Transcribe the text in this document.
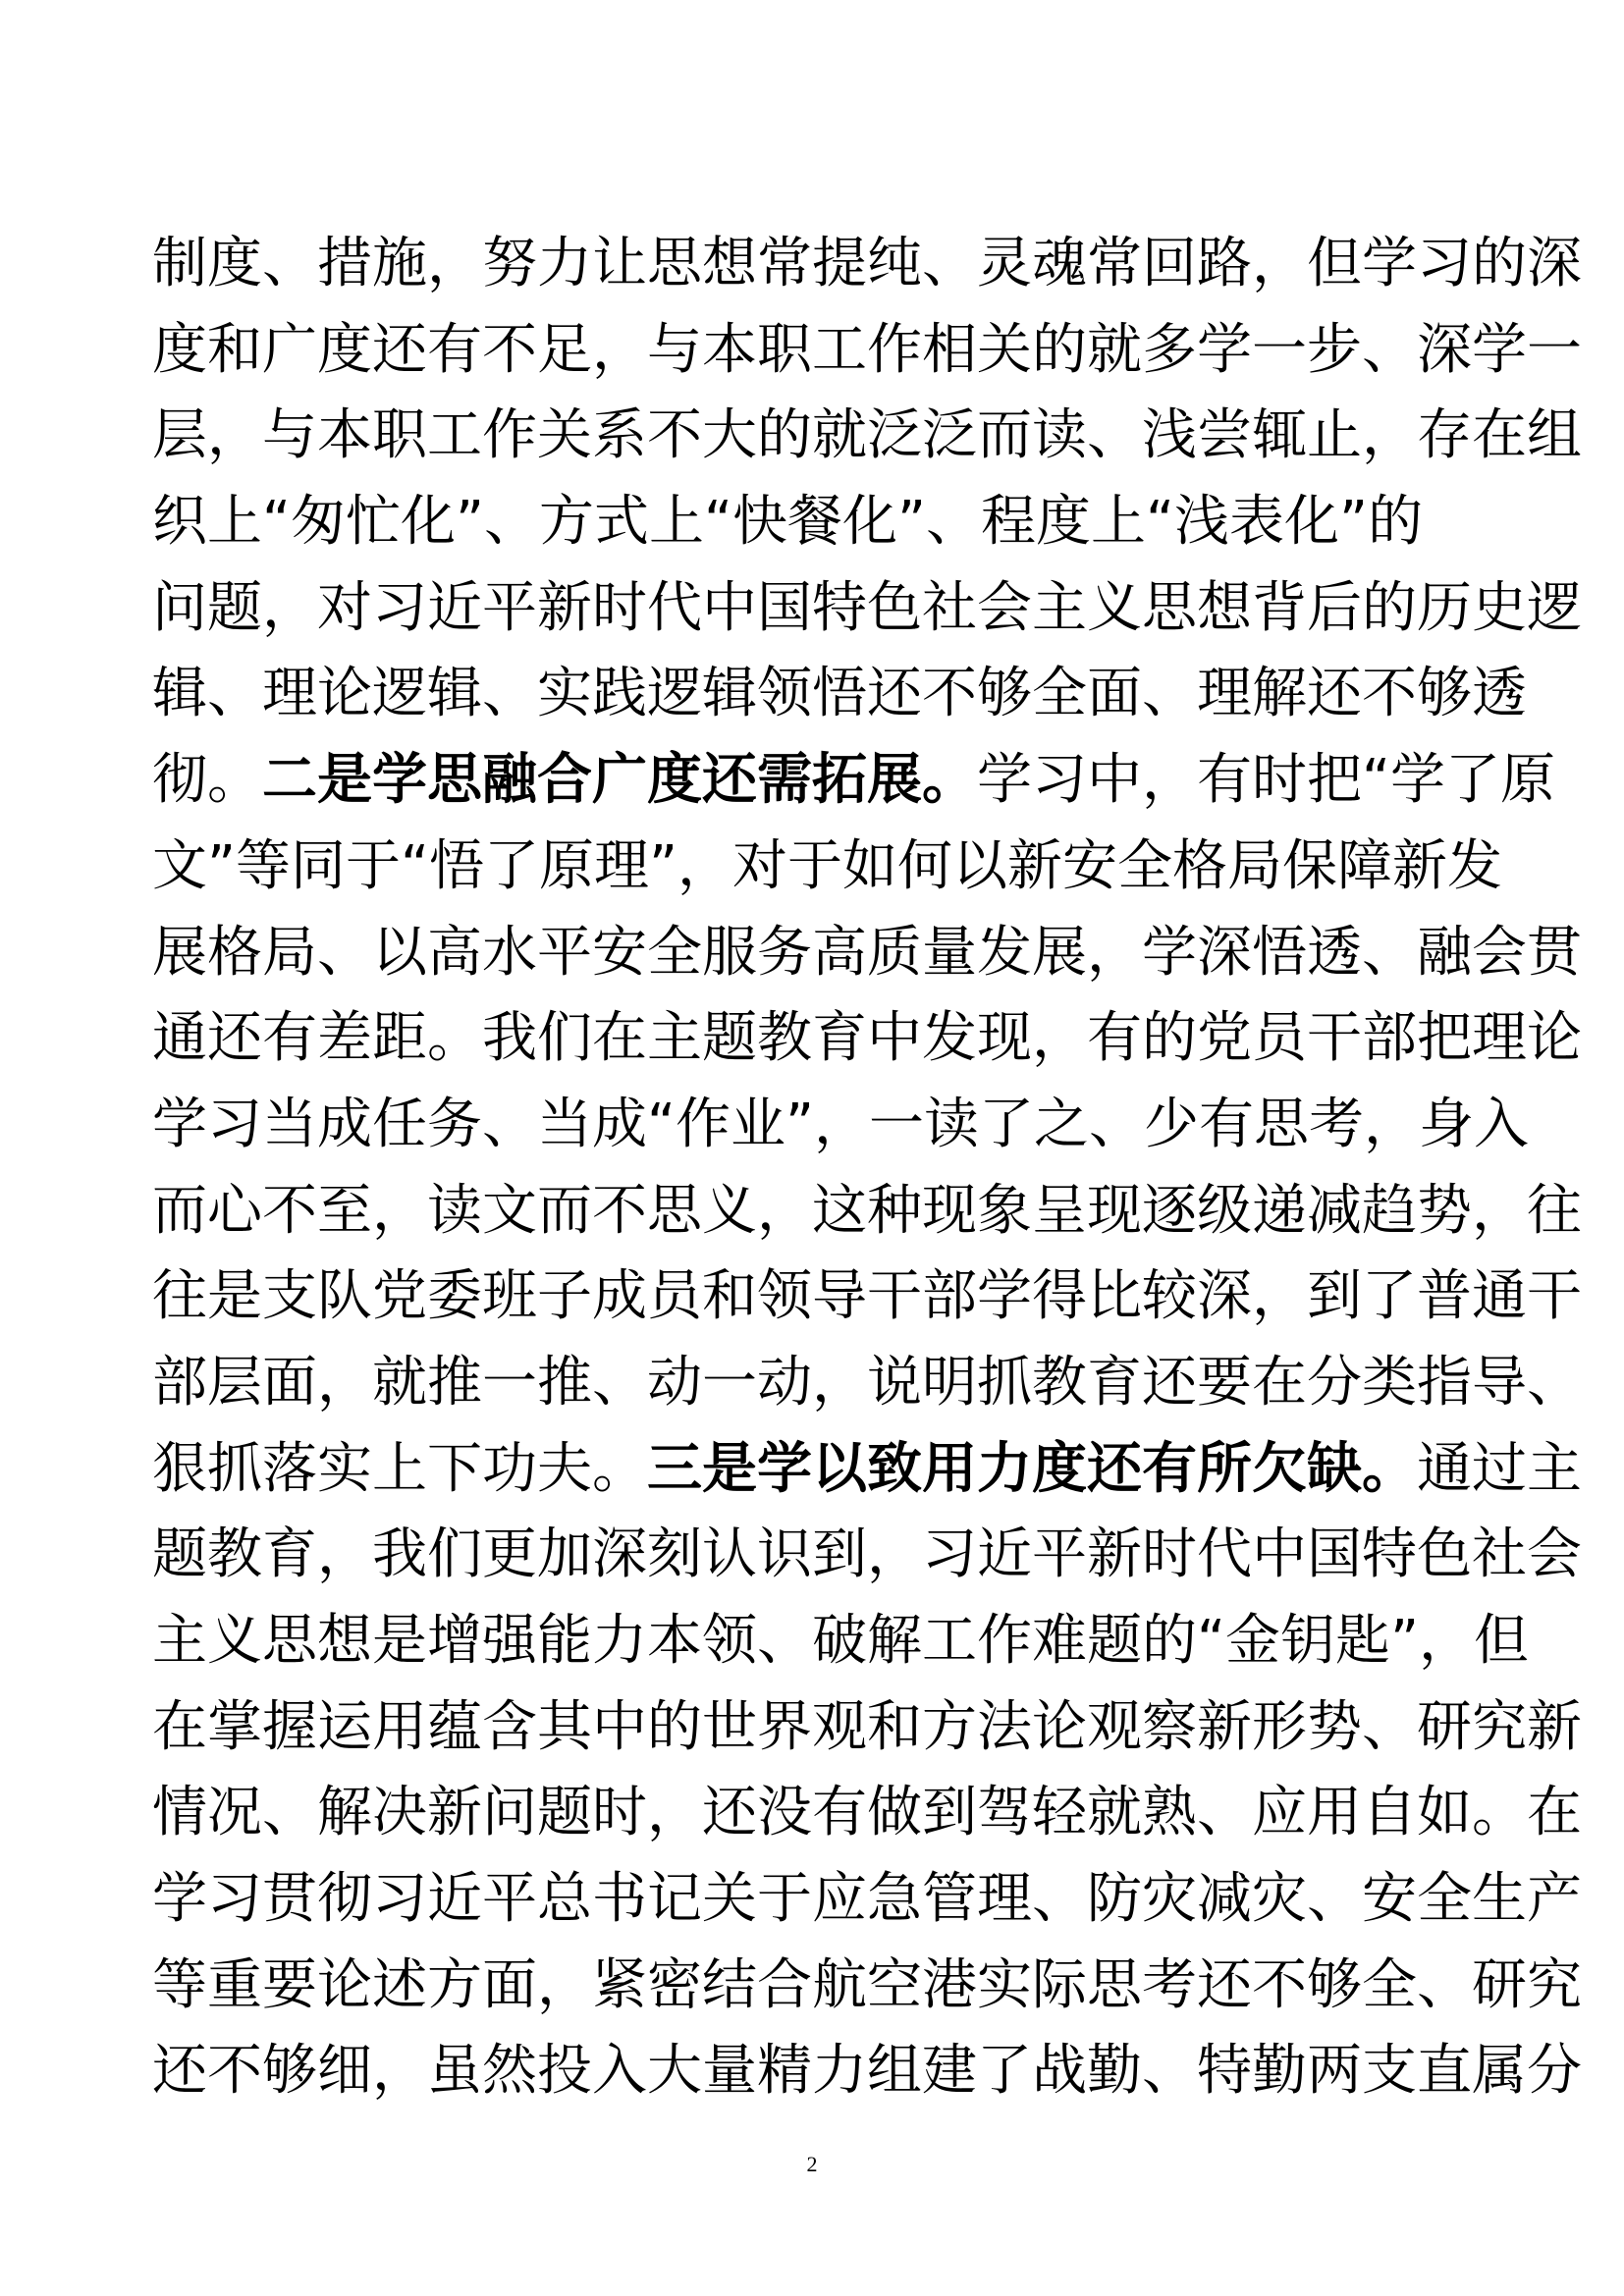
制度、措施，努力让思想常提纯、灵魂常回路，但学习的深
度和广度还有不足，与本职工作相关的就多学一步、深学一
层，与本职工作关系不大的就泛泛而读、浅尝辄止，存在组
织上“匆忙化”、方式上“快餐化”、程度上“浅表化”的
问题，对习近平新时代中国特色社会主义思想背后的历史逻
辑、理论逻辑、实践逻辑领悟还不够全面、理解还不够透
彻。二是学思融合广度还需拓展。学习中，有时把“学了原
文”等同于“悟了原理”，对于如何以新安全格局保障新发
展格局、以高水平安全服务高质量发展，学深悟透、融会贯
通还有差距。我们在主题教育中发现，有的党员干部把理论
学习当成任务、当成“作业”，一读了之、少有思考，身入
而心不至，读文而不思义，这种现象呈现逐级递减趋势，往
往是支队党委班子成员和领导干部学得比较深，到了普通干
部层面，就推一推、动一动，说明抓教育还要在分类指导、
狠抓落实上下功夫。三是学以致用力度还有所欠缺。通过主
题教育，我们更加深刻认识到，习近平新时代中国特色社会
主义思想是增强能力本领、破解工作难题的“金钥匙”，但
在掌握运用蕴含其中的世界观和方法论观察新形势、研究新
情况、解决新问题时，还没有做到驾轻就熟、应用自如。在
学习贯彻习近平总书记关于应急管理、防灾减灾、安全生产
等重要论述方面，紧密结合航空港实际思考还不够全、研究
还不够细，虽然投入大量精力组建了战勤、特勤两支直属分
2
